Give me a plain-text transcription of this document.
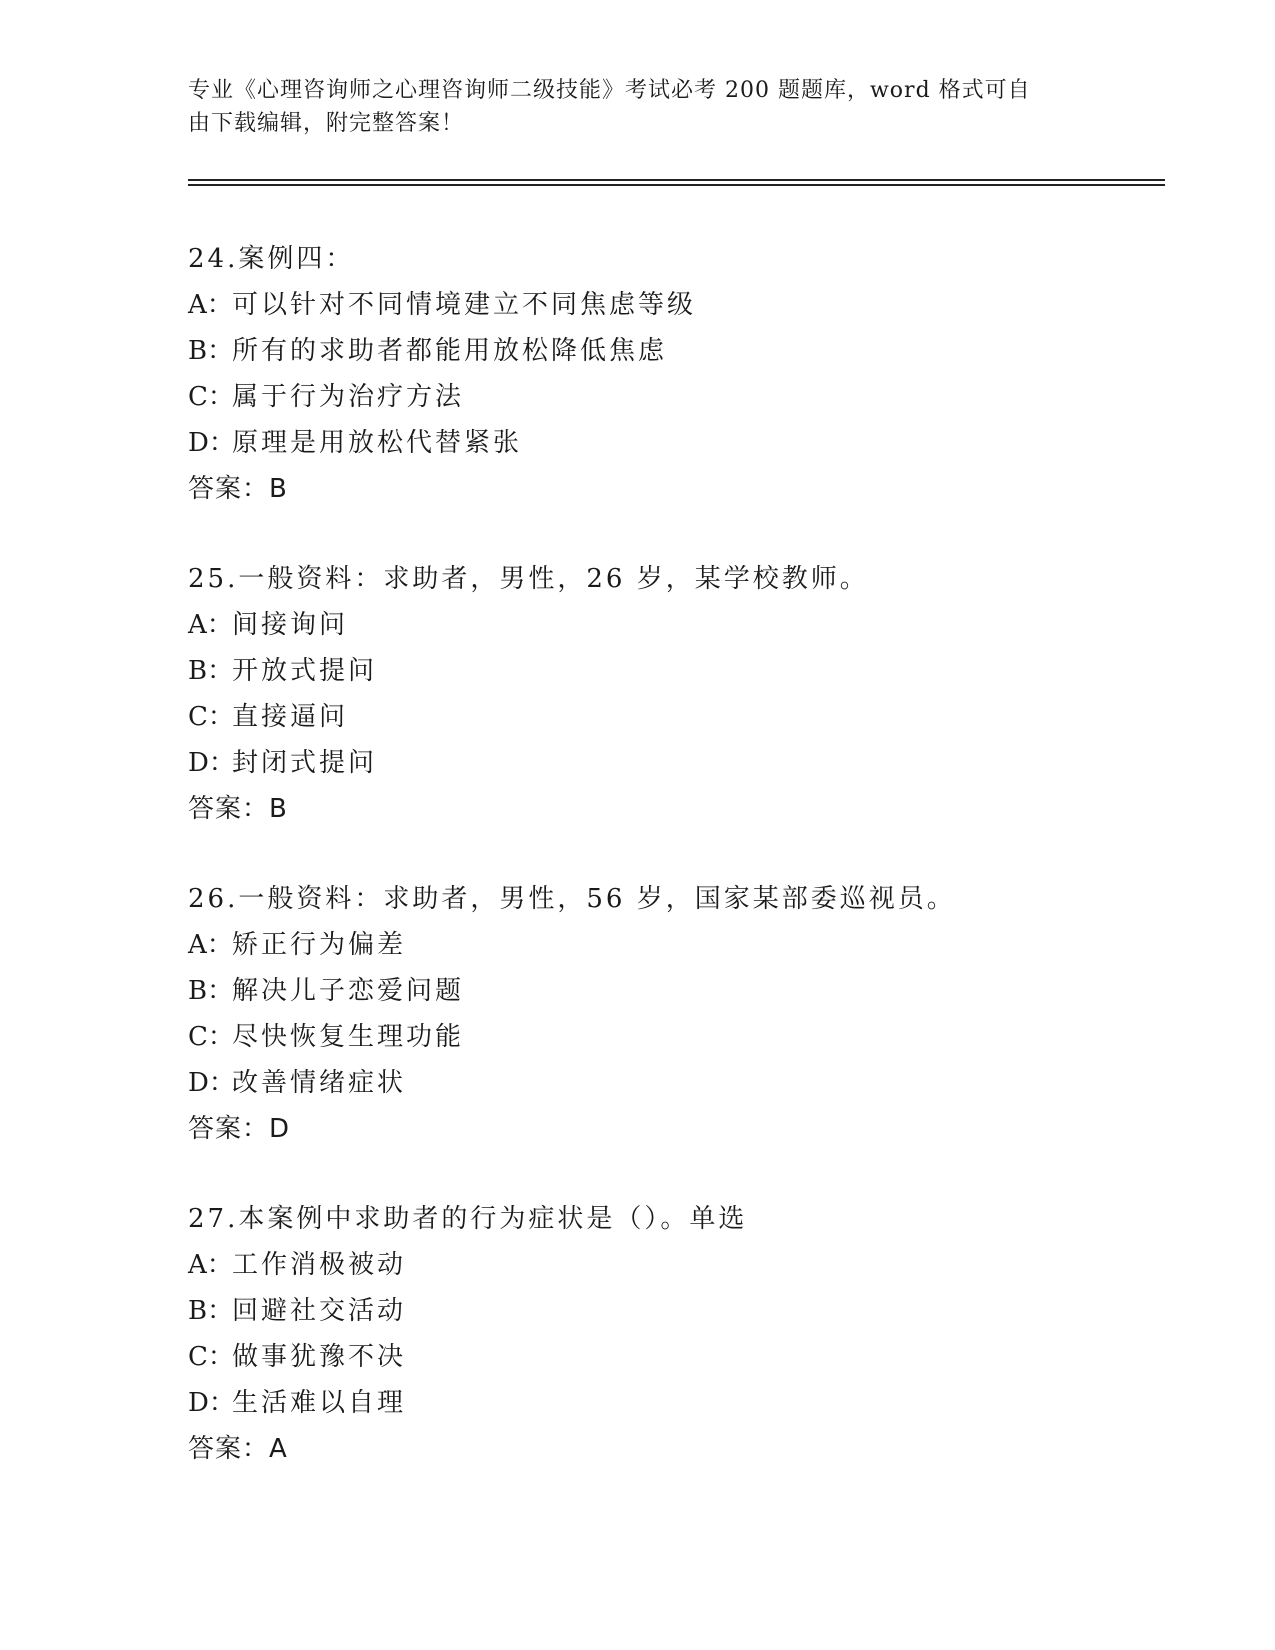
专业《心理咨询师之心理咨询师二级技能》考试必考 200 题题库，word 格式可自
由下载编辑，附完整答案！
24.案例四：
A：可以针对不同情境建立不同焦虑等级
B：所有的求助者都能用放松降低焦虑
C：属于行为治疗方法
D：原理是用放松代替紧张
答案：B
25.一般资料：求助者，男性，26 岁，某学校教师。
A：间接询问
B：开放式提问
C：直接逼问
D：封闭式提问
答案：B
26.一般资料：求助者，男性，56 岁，国家某部委巡视员。
A：矫正行为偏差
B：解决儿子恋爱问题
C：尽快恢复生理功能
D：改善情绪症状
答案：D
27.本案例中求助者的行为症状是（）。单选
A：工作消极被动
B：回避社交活动
C：做事犹豫不决
D：生活难以自理
答案：A
